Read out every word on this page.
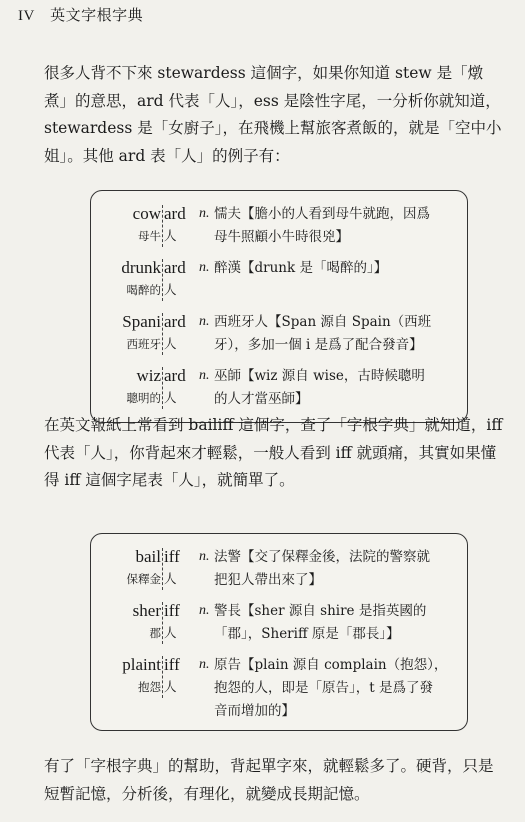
IV 英文字根字典

很多人背不下來 stewardess 這個字，如果你知道 stew 是「燉煮」的意思，ard 代表「人」，ess 是陰性字尾，一分析你就知道，stewardess 是「女廚子」，在飛機上幫旅客煮飯的，就是「空中小姐」。其他 ard 表「人」的例子有：

cow ard
母牛 人
n. 懦夫【膽小的人看到母牛就跑，因爲
母牛照顧小牛時很兇】
drunk ard
喝醉的 人
n. 醉漢【drunk 是「喝醉的」】
Spani ard
西班牙 人
n. 西班牙人【Span 源自 Spain（西班
牙），多加一個 i 是爲了配合發音】
wiz ard
聰明的 人
n. 巫師【wiz 源自 wise，古時候聰明
的人才當巫師】

在英文報紙上常看到 bailiff 這個字，查了「字根字典」就知道，iff 代表「人」，你背起來才輕鬆，一般人看到 iff 就頭痛，其實如果懂得 iff 這個字尾表「人」，就簡單了。

bail iff
保釋金 人
n. 法警【交了保釋金後，法院的警察就
把犯人帶出來了】
sher iff
郡 人
n. 警長【sher 源自 shire 是指英國的
「郡」，Sheriff 原是「郡長」】
plaint iff
抱怨 人
n. 原告【plain 源自 complain（抱怨），
抱怨的人，即是「原告」，t 是爲了發
音而增加的】

有了「字根字典」的幫助，背起單字來，就輕鬆多了。硬背，只是短暫記憶，分析後，有理化，就變成長期記憶。
